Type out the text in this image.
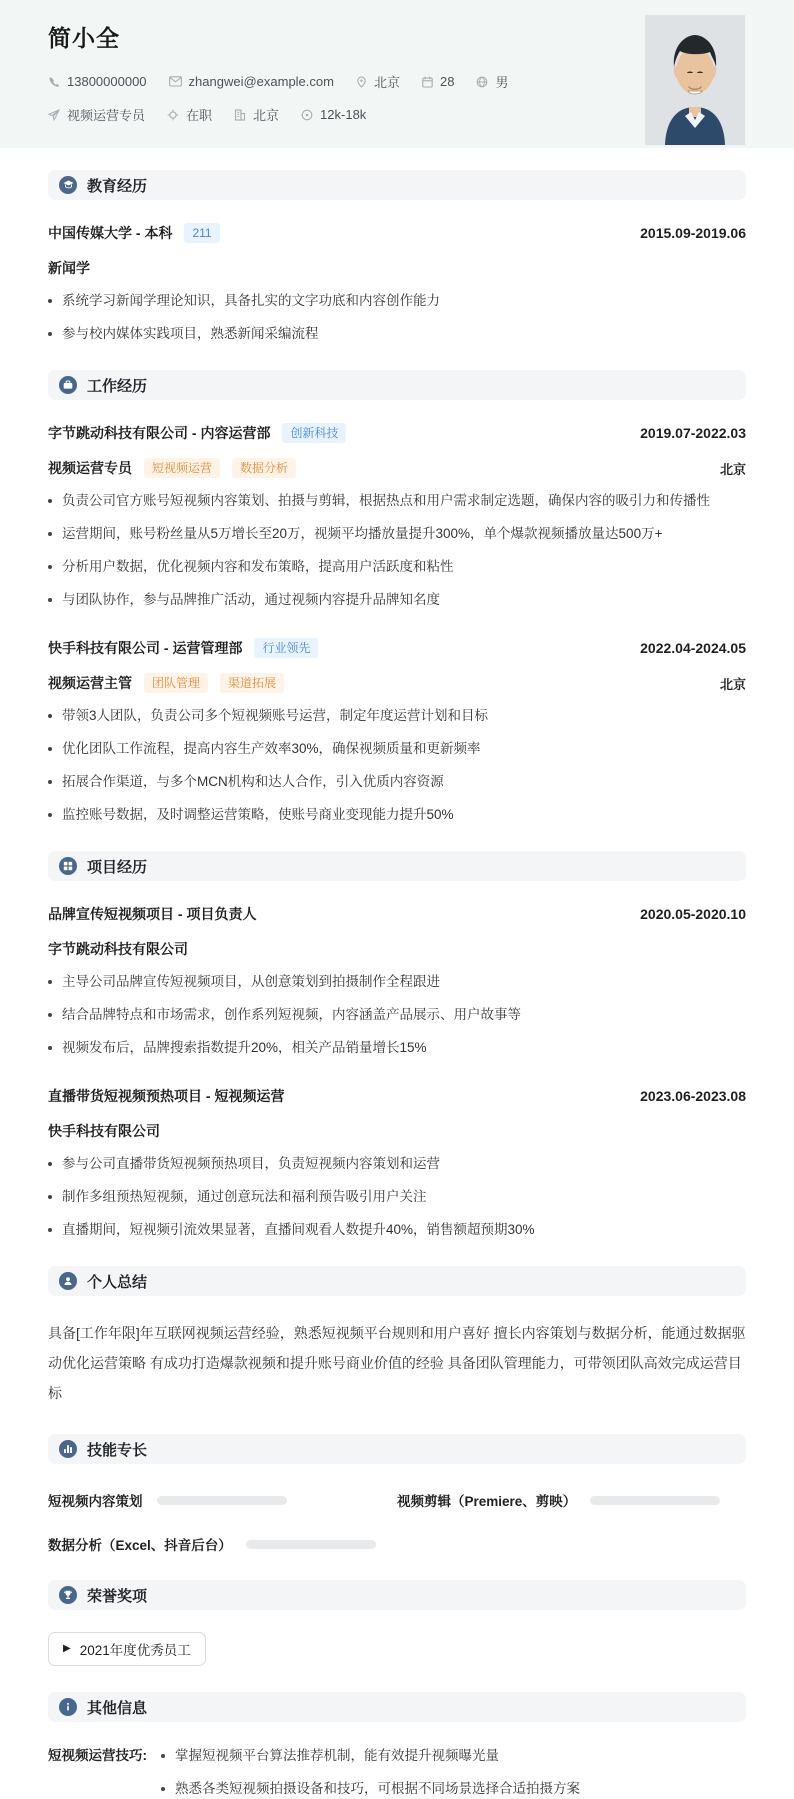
简小全
13800000000	zhangwei@example.com	北京	28	男
视频运营专员	在职	北京	12k-18k
教育经历
中国传媒大学 - 本科	211	2015.09-2019.06
新闻学
系统学习新闻学理论知识，具备扎实的文字功底和内容创作能力
参与校内媒体实践项目，熟悉新闻采编流程
工作经历
字节跳动科技有限公司 - 内容运营部	创新科技	2019.07-2022.03
视频运营专员	短视频运营	数据分析	北京
负责公司官方账号短视频内容策划、拍摄与剪辑，根据热点和用户需求制定选题，确保内容的吸引力和传播性
运营期间，账号粉丝量从5万增长至20万，视频平均播放量提升300%，单个爆款视频播放量达500万+
分析用户数据，优化视频内容和发布策略，提高用户活跃度和粘性
与团队协作，参与品牌推广活动，通过视频内容提升品牌知名度
快手科技有限公司 - 运营管理部	行业领先	2022.04-2024.05
视频运营主管	团队管理	渠道拓展	北京
带领3人团队，负责公司多个短视频账号运营，制定年度运营计划和目标
优化团队工作流程，提高内容生产效率30%，确保视频质量和更新频率
拓展合作渠道，与多个MCN机构和达人合作，引入优质内容资源
监控账号数据，及时调整运营策略，使账号商业变现能力提升50%
项目经历
品牌宣传短视频项目 - 项目负责人	2020.05-2020.10
字节跳动科技有限公司
主导公司品牌宣传短视频项目，从创意策划到拍摄制作全程跟进
结合品牌特点和市场需求，创作系列短视频，内容涵盖产品展示、用户故事等
视频发布后，品牌搜索指数提升20%，相关产品销量增长15%
直播带货短视频预热项目 - 短视频运营	2023.06-2023.08
快手科技有限公司
参与公司直播带货短视频预热项目，负责短视频内容策划和运营
制作多组预热短视频，通过创意玩法和福利预告吸引用户关注
直播期间，短视频引流效果显著，直播间观看人数提升40%，销售额超预期30%
个人总结

具备[工作年限]年互联网视频运营经验，熟悉短视频平台规则和用户喜好 擅长内容策划与数据分析，能通过数据驱动优化运营策略 有成功打造爆款视频和提升账号商业价值的经验 具备团队管理能力，可带领团队高效完成运营目标

技能专长
短视频内容策划	视频剪辑（Premiere、剪映）
数据分析（Excel、抖音后台）
荣誉奖项
▶ 2021年度优秀员工
其他信息
短视频运营技巧: 掌握短视频平台算法推荐机制，能有效提升视频曝光量
熟悉各类短视频拍摄设备和技巧，可根据不同场景选择合适拍摄方案
